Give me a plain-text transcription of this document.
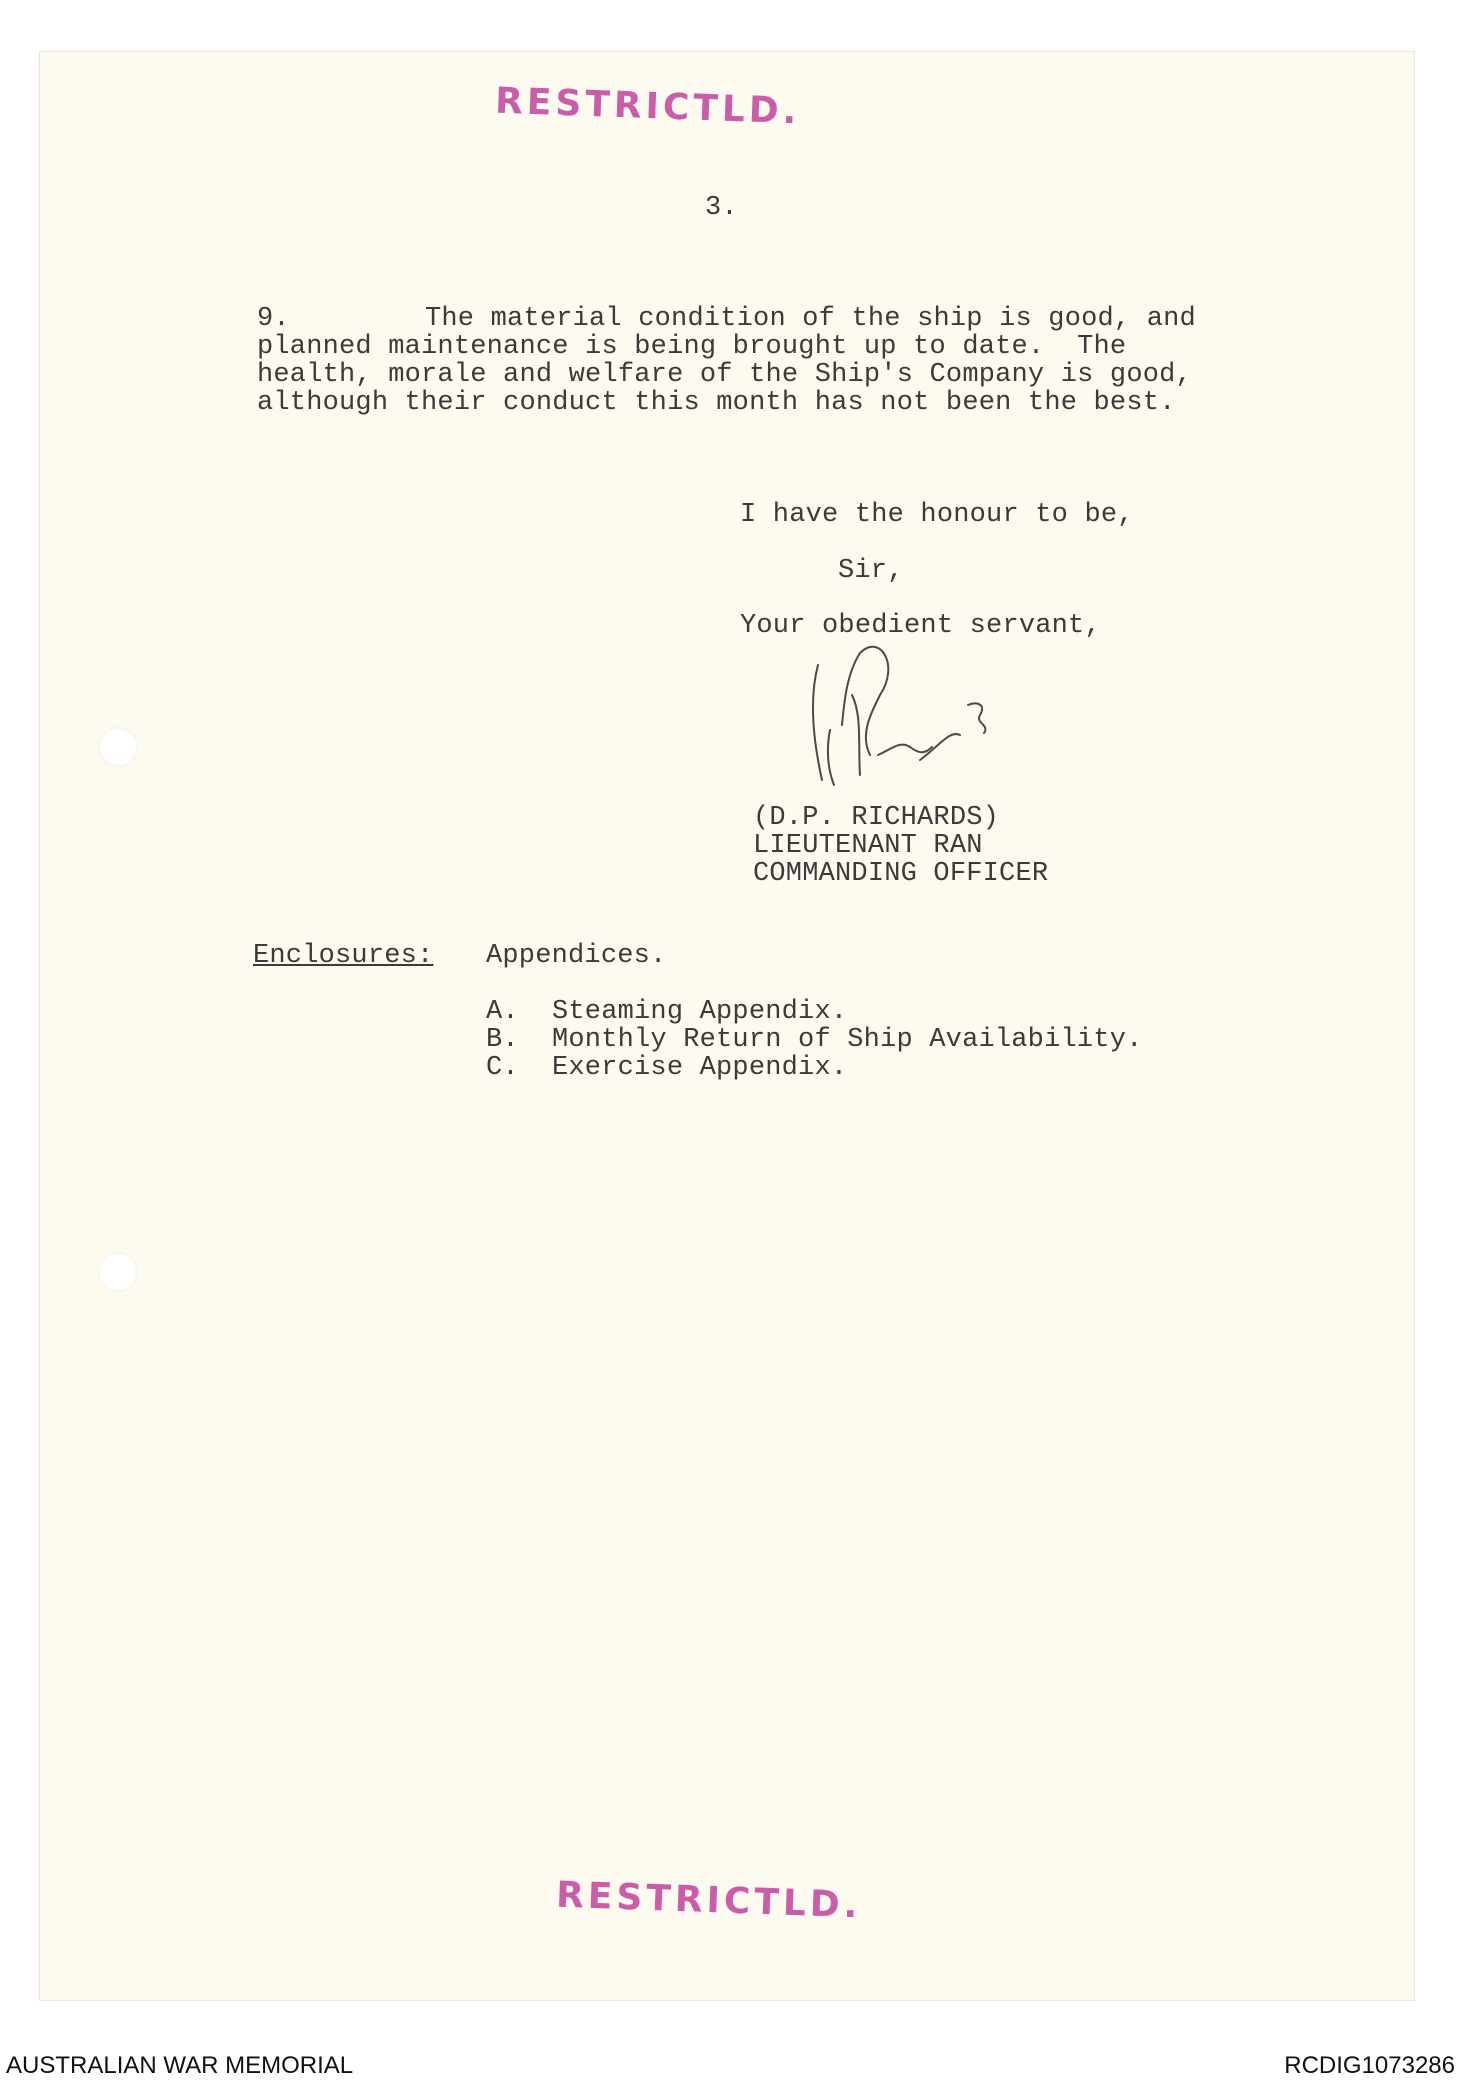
RESTRICTLD.
3.
9.	The material condition of the ship is good, and
planned maintenance is being brought up to date.  The
health, morale and welfare of the Ship's Company is good,
although their conduct this month has not been the best.
I have the honour to be,
Sir,
Your obedient servant,
(D.P. RICHARDS)
LIEUTENANT RAN
COMMANDING OFFICER
Enclosures: Appendices.
A. Steaming Appendix.
B. Monthly Return of Ship Availability.
C. Exercise Appendix.
RESTRICTLD.
AUSTRALIAN WAR MEMORIAL	RCDIG1073286
